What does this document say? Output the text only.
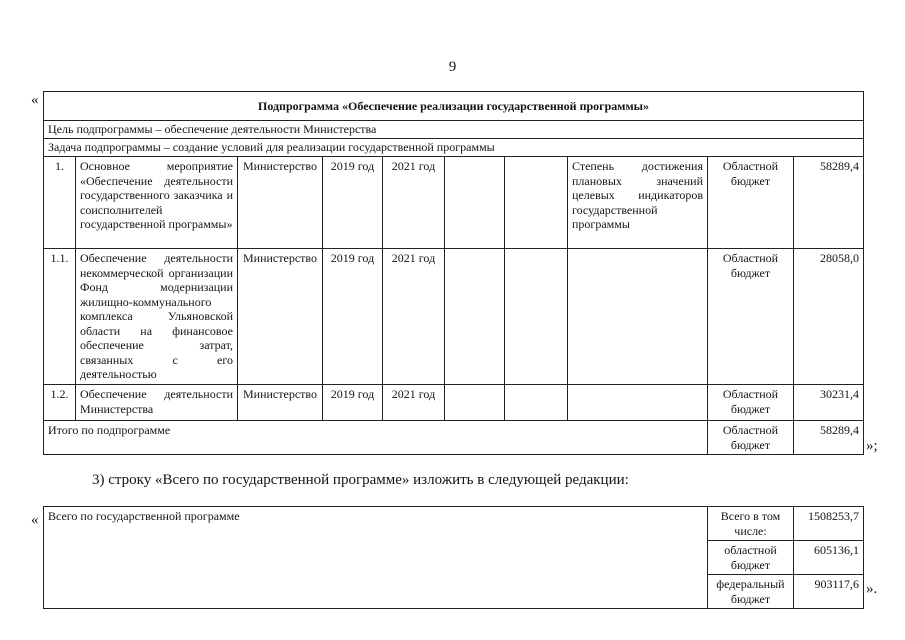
9
«	Подпрограмма «Обеспечение реализации государственной программы»									
Цель подпрограммы – обеспечение деятельности Министерства									
Задача подпрограммы – создание условий для реализации государственной программы									
1.	Основное мероприятие «Обеспечение деятельности государственного заказчика и соисполнителей государственной программы»	Министерство	2019 год	2021 год			Степень достижения плановых значений целевых индикаторов государственной программы	Областной бюджет	58289,4
1.1.	Обеспечение деятельности некоммерческой организации Фонд модернизации жилищно-коммунального комплекса Ульяновской области на финансовое обеспечение затрат, связанных с его деятельностью	Министерство	2019 год	2021 год				Областной бюджет	28058,0
1.2.	Обеспечение деятельности Министерства	Министерство	2019 год	2021 год				Областной бюджет	30231,4
Итого по подпрограмме								Областной бюджет	58289,4
»;
3) строку «Всего по государственной программе» изложить в следующей редакции:
« Всего по государственной программе	Всего в том числе:	1508253,7
	областной бюджет	605136,1
	федеральный бюджет	903117,6 ».
